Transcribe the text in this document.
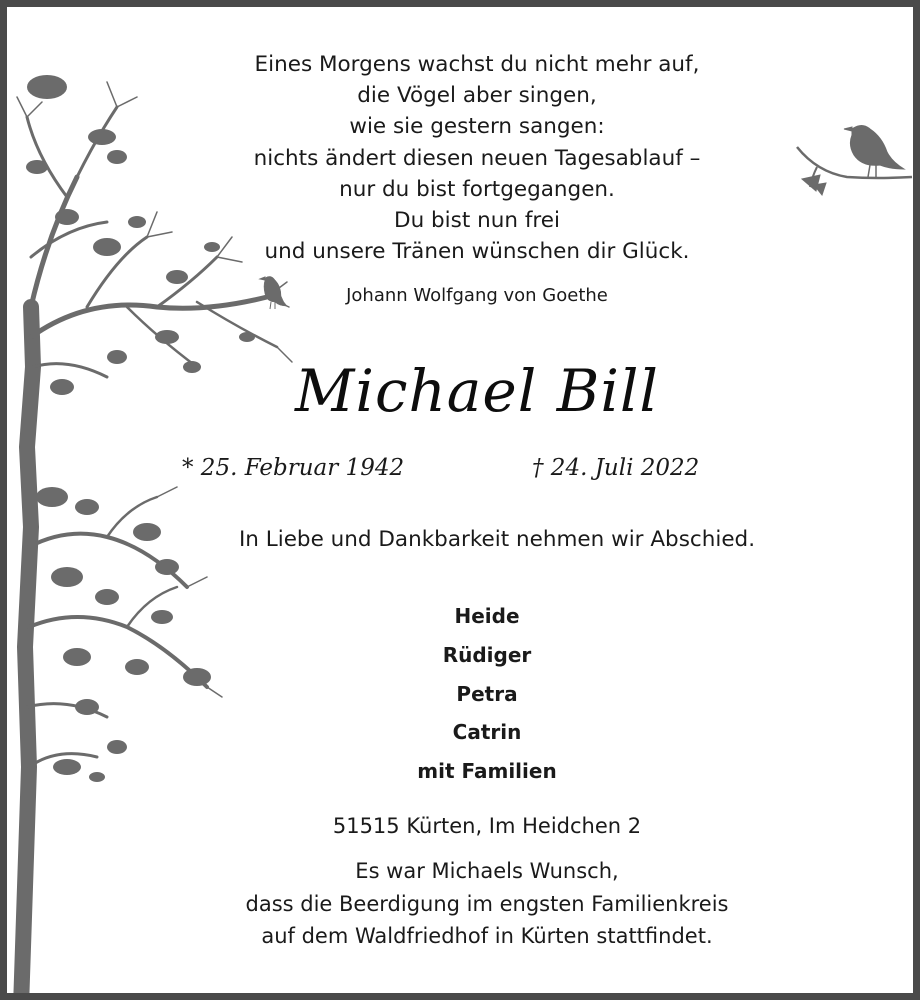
Eines Morgens wachst du nicht mehr auf,
die Vögel aber singen,
wie sie gestern sangen:
nichts ändert diesen neuen Tagesablauf –
nur du bist fortgegangen.
Du bist nun frei
und unsere Tränen wünschen dir Glück.
Johann Wolfgang von Goethe
Michael Bill
* 25. Februar 1942	† 24. Juli 2022
In Liebe und Dankbarkeit nehmen wir Abschied.
Heide
Rüdiger
Petra
Catrin
mit Familien
51515 Kürten, Im Heidchen 2
Es war Michaels Wunsch,
dass die Beerdigung im engsten Familienkreis
auf dem Waldfriedhof in Kürten stattfindet.
